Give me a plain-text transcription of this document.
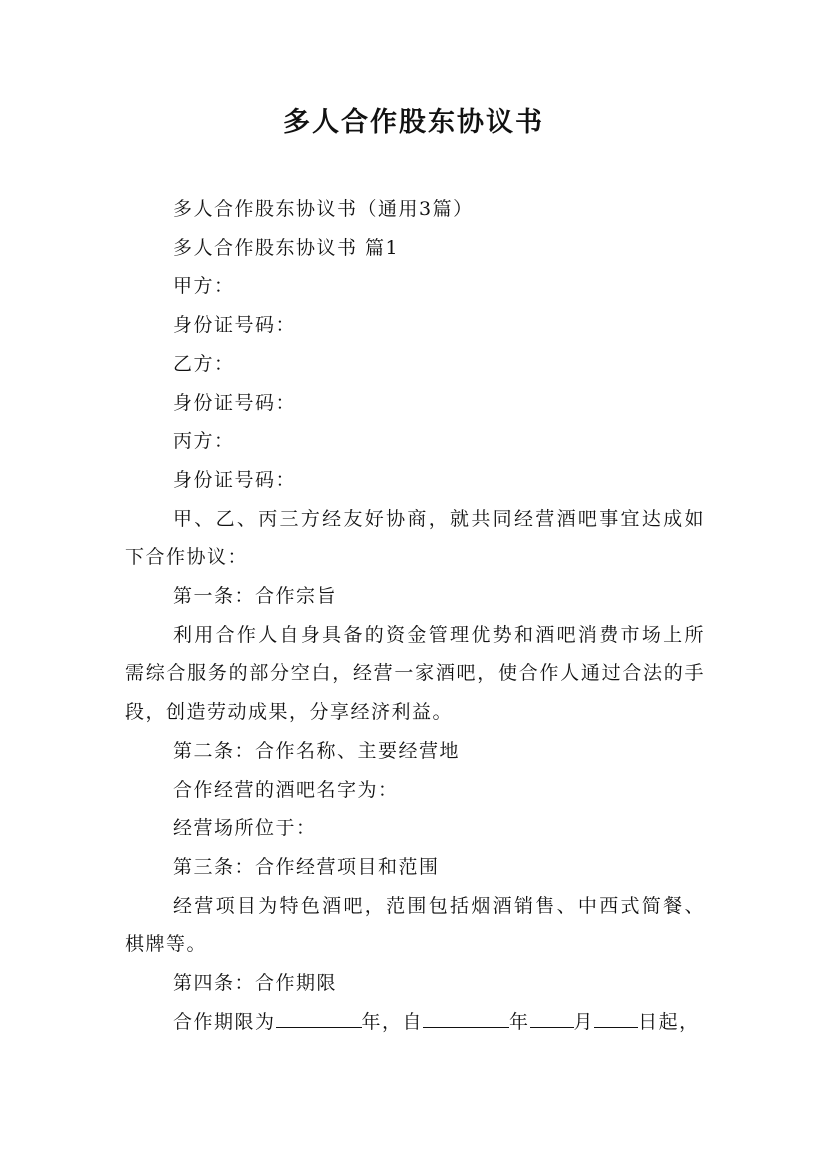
多人合作股东协议书

多人合作股东协议书（通用3篇）

多人合作股东协议书 篇1

甲方：

身份证号码：

乙方：

身份证号码：

丙方：

身份证号码：

甲、乙、丙三方经友好协商，就共同经营酒吧事宜达成如下合作协议：

第一条：合作宗旨

利用合作人自身具备的资金管理优势和酒吧消费市场上所需综合服务的部分空白，经营一家酒吧，使合作人通过合法的手段，创造劳动成果，分享经济利益。

第二条：合作名称、主要经营地

合作经营的酒吧名字为：

经营场所位于：

第三条：合作经营项目和范围

经营项目为特色酒吧，范围包括烟酒销售、中西式简餐、棋牌等。

第四条：合作期限

合作期限为	年，自	年 月 日起，
